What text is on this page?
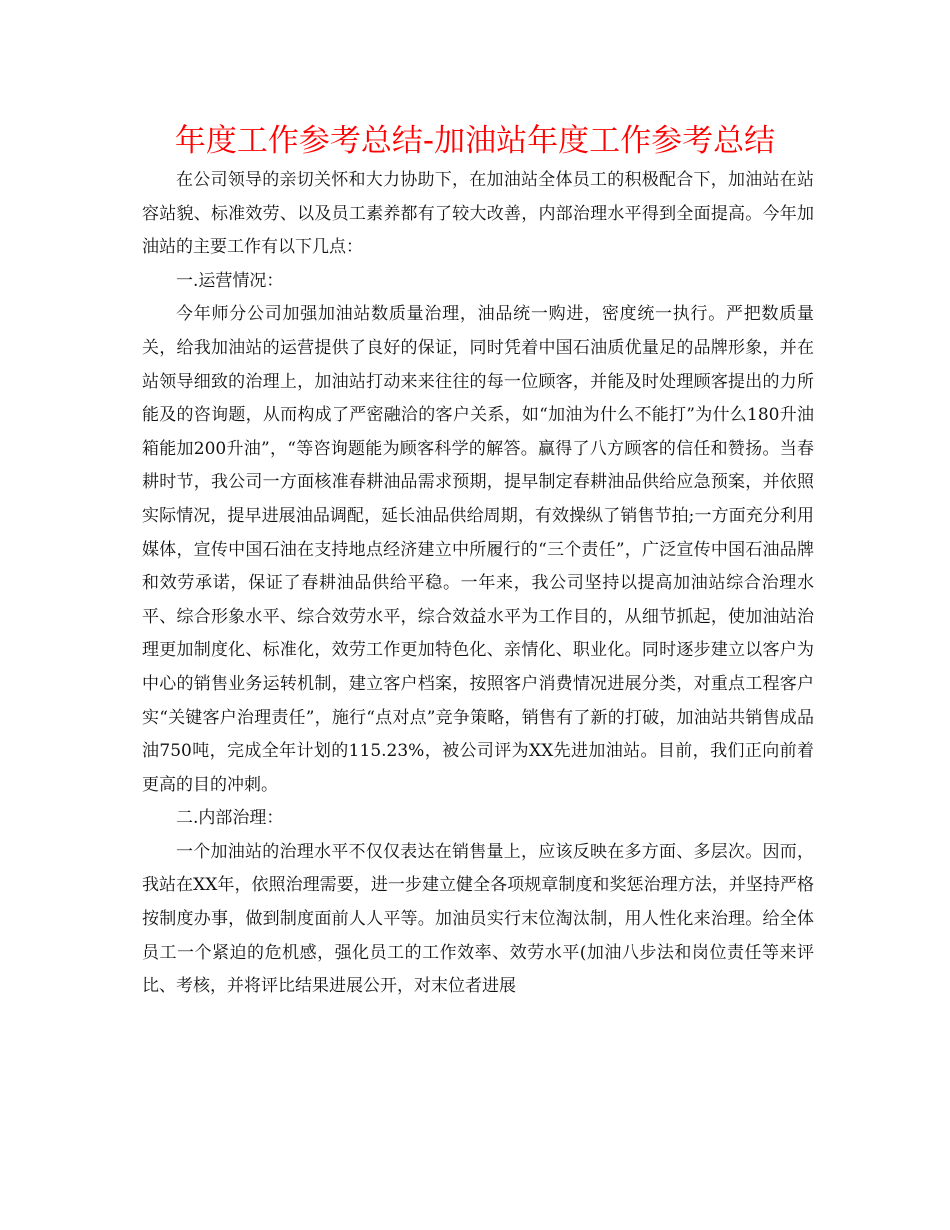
年度工作参考总结-加油站年度工作参考总结

在公司领导的亲切关怀和大力协助下，在加油站全体员工的积极配合下，加油站在站容站貌、标准效劳、以及员工素养都有了较大改善，内部治理水平得到全面提高。今年加油站的主要工作有以下几点：

一.运营情况：

今年师分公司加强加油站数质量治理，油品统一购进，密度统一执行。严把数质量关，给我加油站的运营提供了良好的保证，同时凭着中国石油质优量足的品牌形象，并在站领导细致的治理上，加油站打动来来往往的每一位顾客，并能及时处理顾客提出的力所能及的咨询题，从而构成了严密融洽的客户关系，如“加油为什么不能打”为什么180升油箱能加200升油”，“等咨询题能为顾客科学的解答。赢得了八方顾客的信任和赞扬。当春耕时节，我公司一方面核准春耕油品需求预期，提早制定春耕油品供给应急预案，并依照实际情况，提早进展油品调配，延长油品供给周期，有效操纵了销售节拍;一方面充分利用媒体，宣传中国石油在支持地点经济建立中所履行的“三个责任”，广泛宣传中国石油品牌和效劳承诺，保证了春耕油品供给平稳。一年来，我公司坚持以提高加油站综合治理水平、综合形象水平、综合效劳水平，综合效益水平为工作目的，从细节抓起，使加油站治理更加制度化、标准化，效劳工作更加特色化、亲情化、职业化。同时逐步建立以客户为中心的销售业务运转机制，建立客户档案，按照客户消费情况进展分类，对重点工程客户实“关键客户治理责任”，施行“点对点”竞争策略，销售有了新的打破，加油站共销售成品油750吨，完成全年计划的115.23%，被公司评为XX先进加油站。目前，我们正向前着更高的目的冲刺。

二.内部治理：

一个加油站的治理水平不仅仅表达在销售量上，应该反映在多方面、多层次。因而，我站在XX年，依照治理需要，进一步建立健全各项规章制度和奖惩治理方法，并坚持严格按制度办事，做到制度面前人人平等。加油员实行末位淘汰制，用人性化来治理。给全体员工一个紧迫的危机感，强化员工的工作效率、效劳水平(加油八步法和岗位责任等来评比、考核，并将评比结果进展公开，对末位者进展
